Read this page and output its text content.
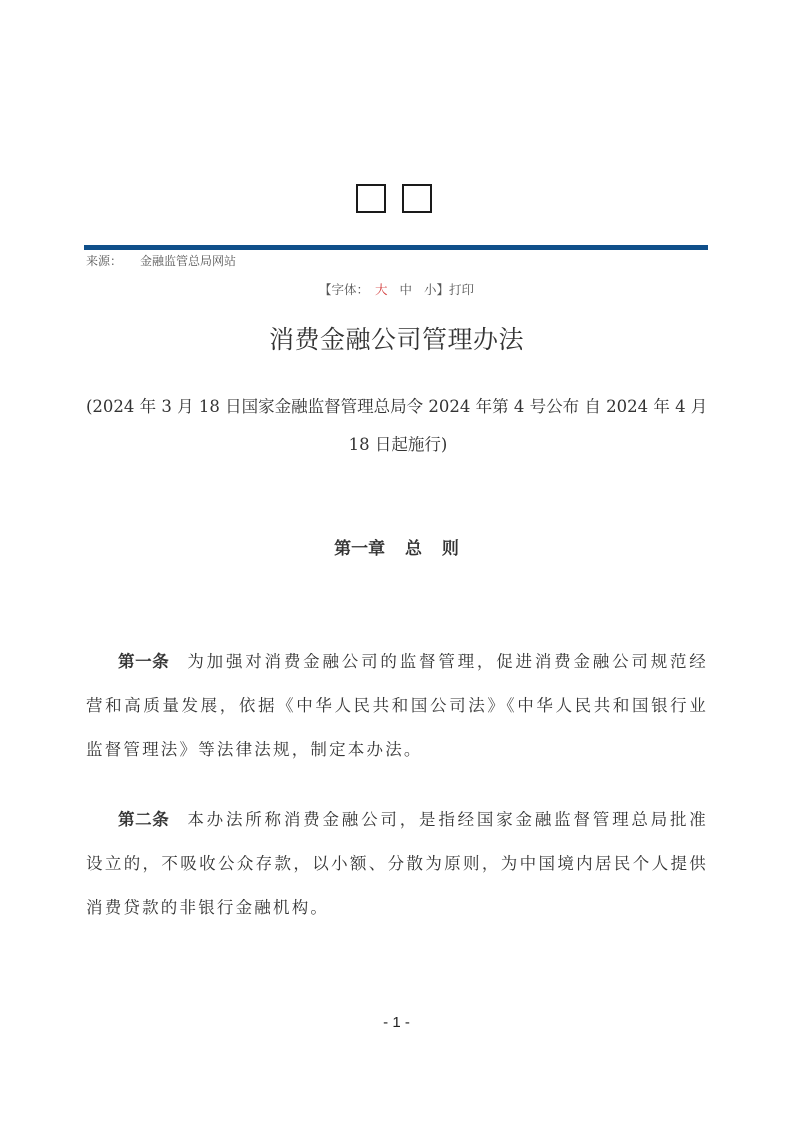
来源： 金融监管总局网站
【字体： 大 中 小】打印
消费金融公司管理办法
(2024 年 3 月 18 日国家金融监督管理总局令 2024 年第 4 号公布 自 2024 年 4 月
18 日起施行)
第一章 总 则
第一条 为加强对消费金融公司的监督管理，促进消费金融公司规范经营和高质量发展，依据《中华人民共和国公司法》《中华人民共和国银行业监督管理法》等法律法规，制定本办法。
第二条 本办法所称消费金融公司，是指经国家金融监督管理总局批准设立的，不吸收公众存款，以小额、分散为原则，为中国境内居民个人提供消费贷款的非银行金融机构。
- 1 -
